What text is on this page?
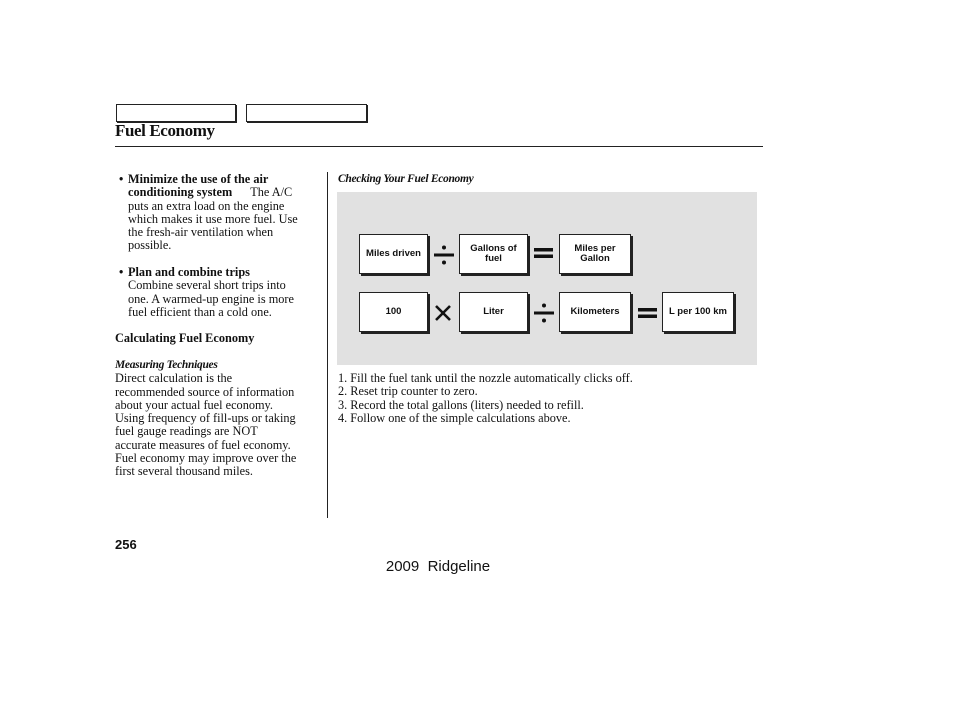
Fuel Economy
• Minimize the use of the air
conditioning system The A/C
puts an extra load on the engine
which makes it use more fuel. Use
the fresh-air ventilation when
possible.
• Plan and combine trips
Combine several short trips into
one. A warmed-up engine is more
fuel efficient than a cold one.
Calculating Fuel Economy
Measuring Techniques
Direct calculation is the
recommended source of information
about your actual fuel economy.
Using frequency of fill-ups or taking
fuel gauge readings are NOT
accurate measures of fuel economy.
Fuel economy may improve over the
first several thousand miles.
Checking Your Fuel Economy
Miles driven	Gallons of
fuel
Miles per
Gallon
100	Liter	Kilometers	L per 100 km
1. Fill the fuel tank until the nozzle automatically clicks off.
2. Reset trip counter to zero.
3. Record the total gallons (liters) needed to refill.
4. Follow one of the simple calculations above.
256
2009  Ridgeline
